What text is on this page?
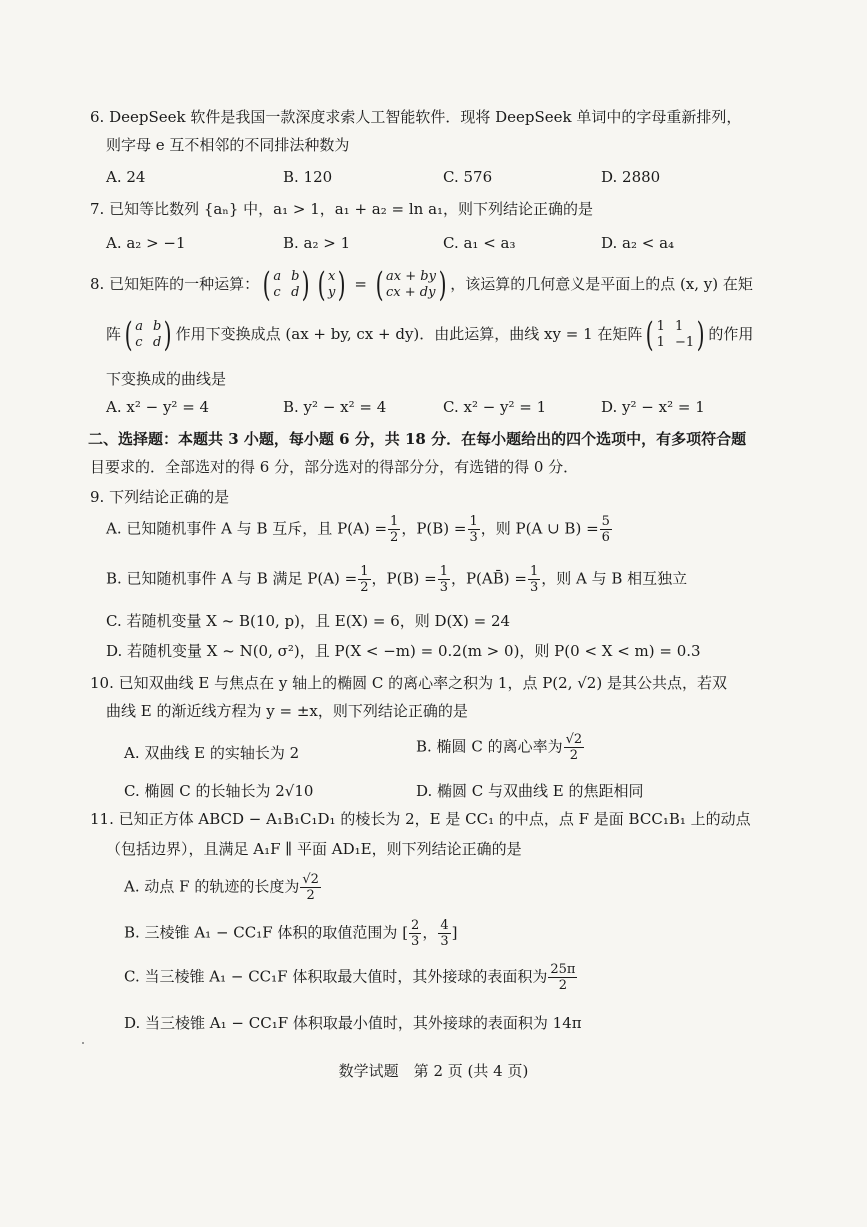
6. DeepSeek 软件是我国一款深度求索人工智能软件．现将 DeepSeek 单词中的字母重新排列，
则字母 e 互不相邻的不同排法种数为
A. 24	B. 120	C. 576	D. 2880
7. 已知等比数列 {aₙ} 中，a₁ > 1，a₁ + a₂ = ln a₁，则下列结论正确的是
A. a₂ > −1	B. a₂ > 1	C. a₁ < a₃	D. a₂ < a₄
8. 已知矩阵的一种运算： ( a b
c d ) ( x
y ) = ( ax + by
cx + dy ) ，该运算的几何意义是平面上的点 (x, y) 在矩
阵 ( a b
c d ) 作用下变换成点 (ax + by, cx + dy)．由此运算，曲线 xy = 1 在矩阵 ( 1 1
1 −1 ) 的作用
下变换成的曲线是
A. x² − y² = 4	B. y² − x² = 4	C. x² − y² = 1	D. y² − x² = 1
二、选择题：本题共 3 小题，每小题 6 分，共 18 分．在每小题给出的四个选项中，有多项符合题
目要求的．全部选对的得 6 分，部分选对的得部分分，有选错的得 0 分．
9. 下列结论正确的是
A. 已知随机事件 A 与 B 互斥，且 $P(A) = \frac{1}{2}$ ，$P(B) = \frac{1}{3}$ ，则 P(A ∪ $B) = \frac{5}{6}$
B. 已知随机事件 A 与 B 满足 $P(A) = \frac{1}{2}$ ，$P(B) = \frac{1}{3}$ ，P(AB̄) = $\frac{1}{3}$ ，则 A 与 B 相互独立
C. 若随机变量 X ~ B(10, p)，且 E(X) = 6，则 D(X) = 24
D. 若随机变量 X ~ N(0, σ²)，且 P(X < −m) = 0.2(m > 0)，则 P(0 < X < m) = 0.3
10. 已知双曲线 E 与焦点在 y 轴上的椭圆 C 的离心率之积为 1，点 P(2, √2) 是其公共点，若双
曲线 E 的渐近线方程为 y = ±x，则下列结论正确的是
A. 双曲线 E 的实轴长为 2	B. 椭圆 C 的离心率为 $\frac{√2}{2}$
C. 椭圆 C 的长轴长为 2√10	D. 椭圆 C 与双曲线 E 的焦距相同
11. 已知正方体 ABCD − A₁B₁C₁D₁ 的棱长为 2，E 是 CC₁ 的中点，点 F 是面 BCC₁B₁ 上的动点
（包括边界），且满足 A₁F ∥ 平面 AD₁E，则下列结论正确的是
A. 动点 F 的轨迹的长度为 $\frac{√2}{2}$
B. 三棱锥 A₁ − CC₁F 体积的取值范围为 [ $\frac{2}{3}$ ， $\frac{4}{3}$ ]
C. 当三棱锥 A₁ − CC₁F 体积取最大值时，其外接球的表面积为 $\frac{25\pi}{2}$
D. 当三棱锥 A₁ − CC₁F 体积取最小值时，其外接球的表面积为 14π
数学试题　第 2 页 (共 4 页)
